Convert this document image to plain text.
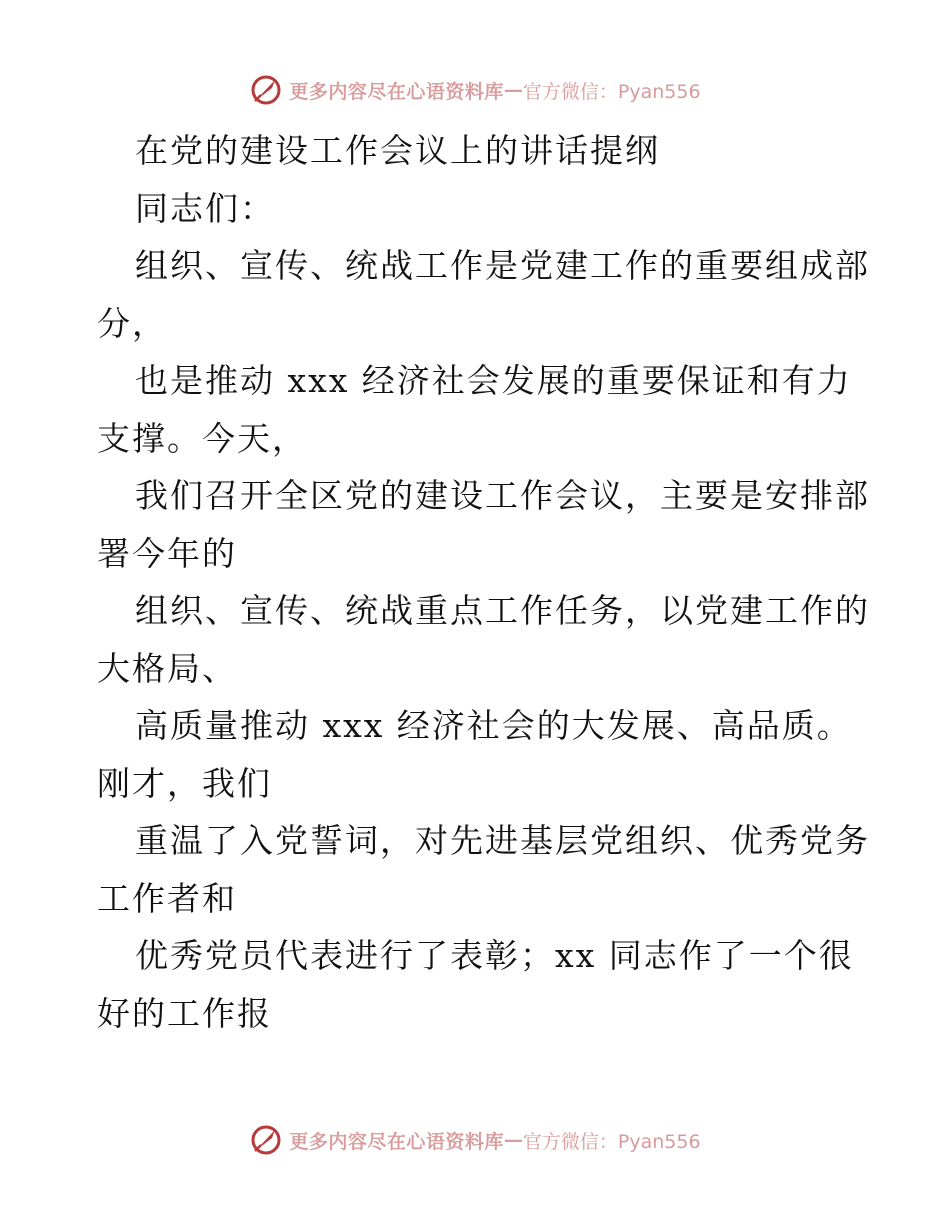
更多内容尽在心语资料库 — 官方微信：Pyan556
在党的建设工作会议上的讲话提纲
同志们：
组织、宣传、统战工作是党建工作的重要组成部
分，
也是推动 xxx 经济社会发展的重要保证和有力
支撑。今天，
我们召开全区党的建设工作会议，主要是安排部
署今年的
组织、宣传、统战重点工作任务，以党建工作的
大格局、
高质量推动 xxx 经济社会的大发展、高品质。
刚才，我们
重温了入党誓词，对先进基层党组织、优秀党务
工作者和
优秀党员代表进行了表彰；xx 同志作了一个很
好的工作报
更多内容尽在心语资料库 — 官方微信：Pyan556
